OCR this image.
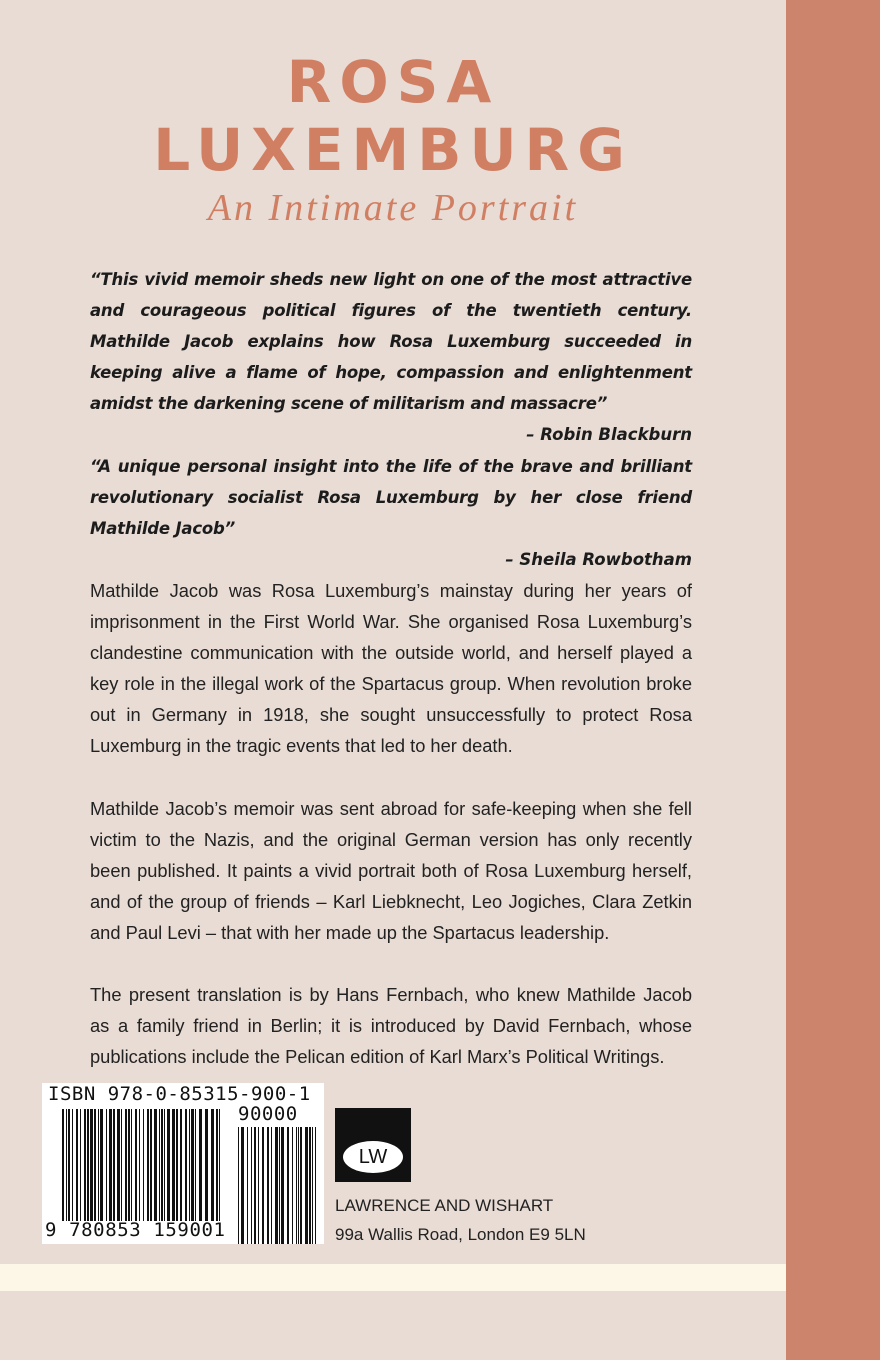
ROSA
LUXEMBURG
An Intimate Portrait
“This vivid memoir sheds new light on one of the most attractive and courageous political figures of the twentieth century. Mathilde Jacob explains how Rosa Luxemburg succeeded in keeping alive a flame of hope, compassion and enlightenment amidst the darkening scene of militarism and massacre”
– Robin Blackburn
“A unique personal insight into the life of the brave and brilliant revolutionary socialist Rosa Luxemburg by her close friend Mathilde Jacob”
– Sheila Rowbotham

Mathilde Jacob was Rosa Luxemburg’s mainstay during her years of imprisonment in the First World War. She organised Rosa Luxemburg’s clandestine communication with the outside world, and herself played a key role in the illegal work of the Spartacus group. When revolution broke out in Germany in 1918, she sought unsuccessfully to protect Rosa Luxemburg in the tragic events that led to her death.

Mathilde Jacob’s memoir was sent abroad for safe-keeping when she fell victim to the Nazis, and the original German version has only recently been published. It paints a vivid portrait both of Rosa Luxemburg herself, and of the group of friends – Karl Liebknecht, Leo Jogiches, Clara Zetkin and Paul Levi – that with her made up the Spartacus leadership.

The present translation is by Hans Fernbach, who knew Mathilde Jacob as a family friend in Berlin; it is introduced by David Fernbach, whose publications include the Pelican edition of Karl Marx’s Political Writings.

ISBN 978-0-85315-900-1
90000
9 780853 159001
LW
LAWRENCE AND WISHART
99a Wallis Road, London E9 5LN
